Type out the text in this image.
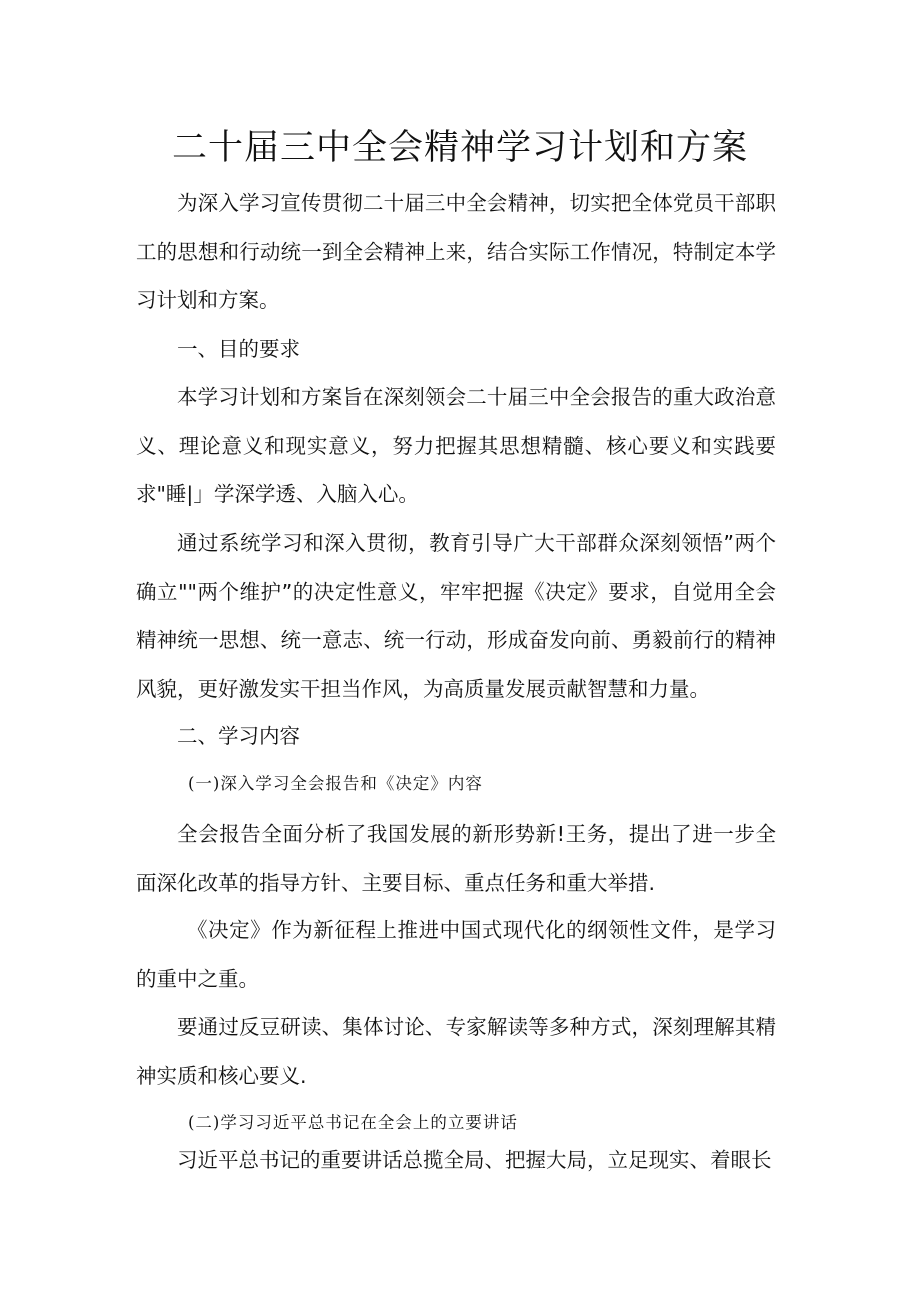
二十届三中全会精神学习计划和方案

为深入学习宣传贯彻二十届三中全会精神，切实把全体党员干部职工的思想和行动统一到全会精神上来，结合实际工作情况，特制定本学习计划和方案。

一、目的要求

本学习计划和方案旨在深刻领会二十届三中全会报告的重大政治意义、理论意义和现实意义，努力把握其思想精髓、核心要义和实践要求"睡|」学深学透、入脑入心。

通过系统学习和深入贯彻，教育引导广大干部群众深刻领悟”两个确立""两个维护”的决定性意义，牢牢把握《决定》要求，自觉用全会精神统一思想、统一意志、统一行动，形成奋发向前、勇毅前行的精神风貌，更好激发实干担当作风，为高质量发展贡献智慧和力量。

二、学习内容

(一)深入学习全会报告和《决定》内容

全会报告全面分析了我国发展的新形势新!王务，提出了进一步全面深化改革的指导方针、主要目标、重点任务和重大举措.

《决定》作为新征程上推进中国式现代化的纲领性文件，是学习的重中之重。

要通过反豆研读、集体讨论、专家解读等多种方式，深刻理解其精神实质和核心要义.

(二)学习习近平总书记在全会上的立要讲话

习近平总书记的重要讲话总揽全局、把握大局，立足现实、着眼长
